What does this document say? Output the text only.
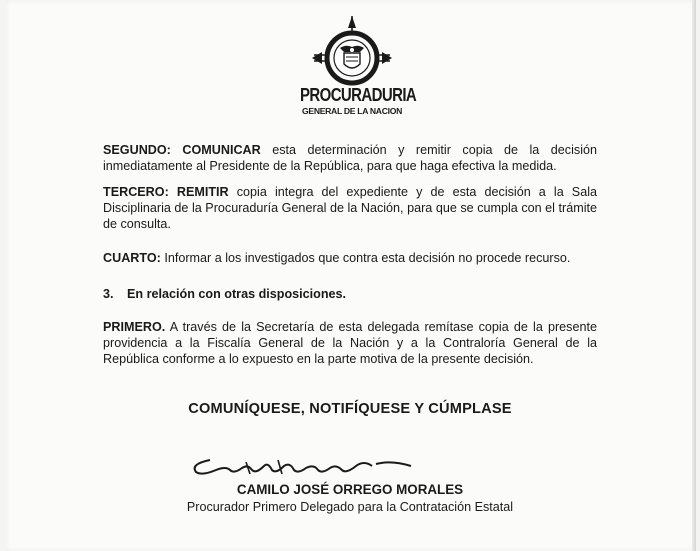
PROCURADURIA
GENERAL DE LA NACION

SEGUNDO: COMUNICAR esta determinación y remitir copia de la decisión inmediatamente al Presidente de la República, para que haga efectiva la medida.

TERCERO: REMITIR copia integra del expediente y de esta decisión a la Sala Disciplinaria de la Procuraduría General de la Nación, para que se cumpla con el trámite de consulta.

CUARTO: Informar a los investigados que contra esta decisión no procede recurso.

3. En relación con otras disposiciones.

PRIMERO. A través de la Secretaría de esta delegada remítase copia de la presente providencia a la Fiscalía General de la Nación y a la Contraloría General de la República conforme a lo expuesto en la parte motiva de la presente decisión.

COMUNÍQUESE, NOTIFÍQUESE Y CÚMPLASE

CAMILO JOSÉ ORREGO MORALES

Procurador Primero Delegado para la Contratación Estatal
